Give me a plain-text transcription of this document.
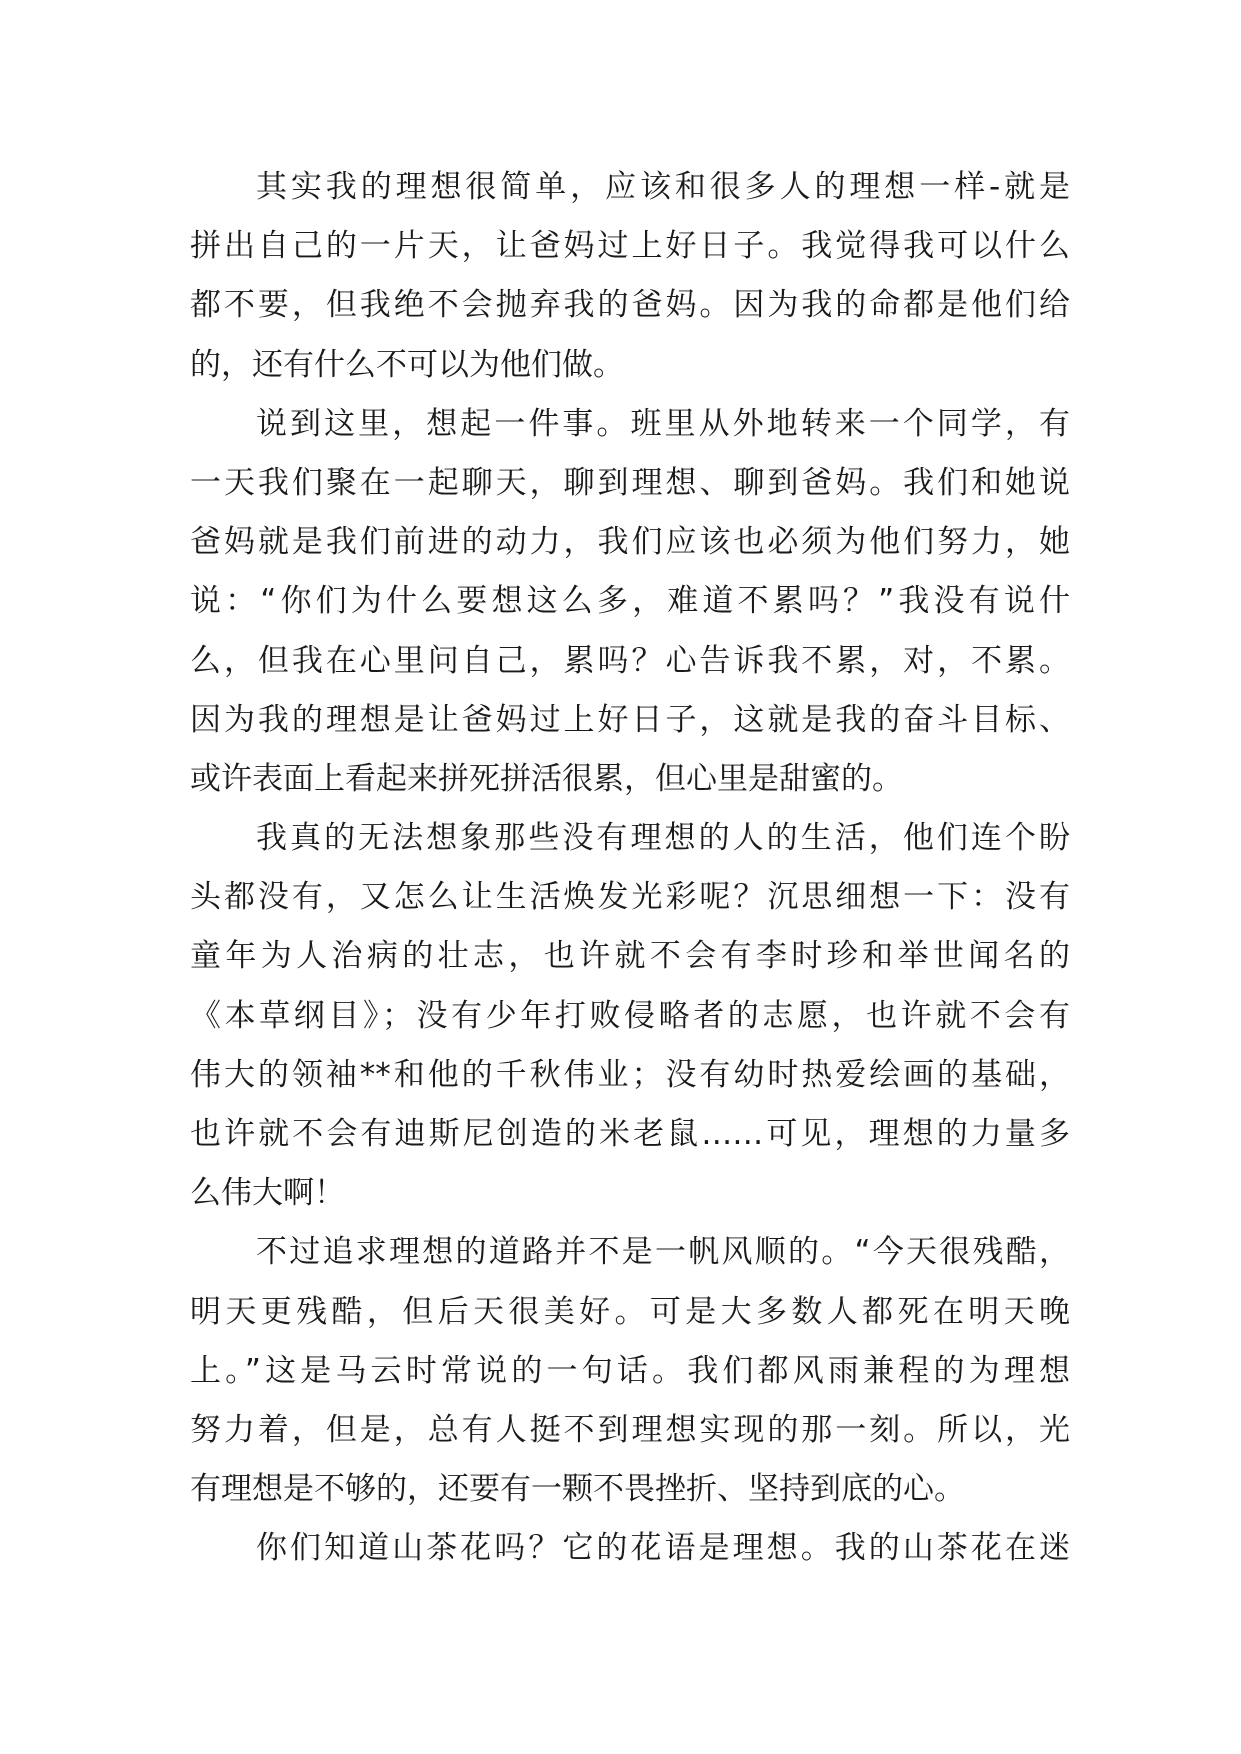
其实我的理想很简单，应该和很多人的理想一样-就是
拼出自己的一片天，让爸妈过上好日子。我觉得我可以什么
都不要，但我绝不会抛弃我的爸妈。因为我的命都是他们给
的，还有什么不可以为他们做。
说到这里，想起一件事。班里从外地转来一个同学，有
一天我们聚在一起聊天，聊到理想、聊到爸妈。我们和她说
爸妈就是我们前进的动力，我们应该也必须为他们努力，她
说：“你们为什么要想这么多，难道不累吗？”我没有说什
么，但我在心里问自己，累吗？心告诉我不累，对，不累。
因为我的理想是让爸妈过上好日子，这就是我的奋斗目标、
或许表面上看起来拼死拼活很累，但心里是甜蜜的。
我真的无法想象那些没有理想的人的生活，他们连个盼
头都没有，又怎么让生活焕发光彩呢？沉思细想一下：没有
童年为人治病的壮志，也许就不会有李时珍和举世闻名的
《本草纲目》；没有少年打败侵略者的志愿，也许就不会有
伟大的领袖**和他的千秋伟业；没有幼时热爱绘画的基础，
也许就不会有迪斯尼创造的米老鼠……可见，理想的力量多
么伟大啊！
不过追求理想的道路并不是一帆风顺的。“今天很残酷，
明天更残酷，但后天很美好。可是大多数人都死在明天晚
上。”这是马云时常说的一句话。我们都风雨兼程的为理想
努力着，但是，总有人挺不到理想实现的那一刻。所以，光
有理想是不够的，还要有一颗不畏挫折、坚持到底的心。
你们知道山茶花吗？它的花语是理想。我的山茶花在迷
